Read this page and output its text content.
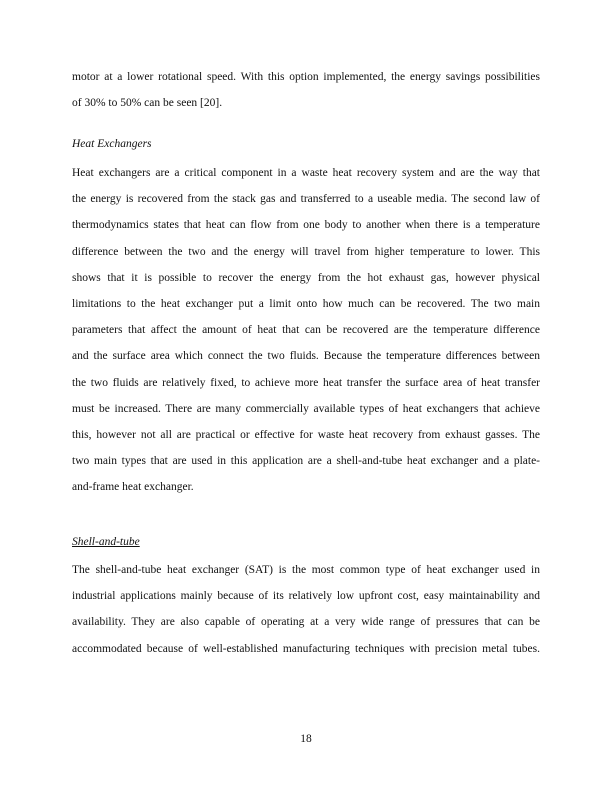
motor at a lower rotational speed. With this option implemented, the energy savings possibilities
of 30% to 50% can be seen [20].
Heat Exchangers
Heat exchangers are a critical component in a waste heat recovery system and are the way that
the energy is recovered from the stack gas and transferred to a useable media. The second law of
thermodynamics states that heat can flow from one body to another when there is a temperature
difference between the two and the energy will travel from higher temperature to lower. This
shows that it is possible to recover the energy from the hot exhaust gas, however physical
limitations to the heat exchanger put a limit onto how much can be recovered. The two main
parameters that affect the amount of heat that can be recovered are the temperature difference
and the surface area which connect the two fluids. Because the temperature differences between
the two fluids are relatively fixed, to achieve more heat transfer the surface area of heat transfer
must be increased. There are many commercially available types of heat exchangers that achieve
this, however not all are practical or effective for waste heat recovery from exhaust gasses. The
two main types that are used in this application are a shell-and-tube heat exchanger and a plate-
and-frame heat exchanger.
Shell-and-tube
The shell-and-tube heat exchanger (SAT) is the most common type of heat exchanger used in
industrial applications mainly because of its relatively low upfront cost, easy maintainability and
availability. They are also capable of operating at a very wide range of pressures that can be
accommodated because of well-established manufacturing techniques with precision metal tubes.
18
